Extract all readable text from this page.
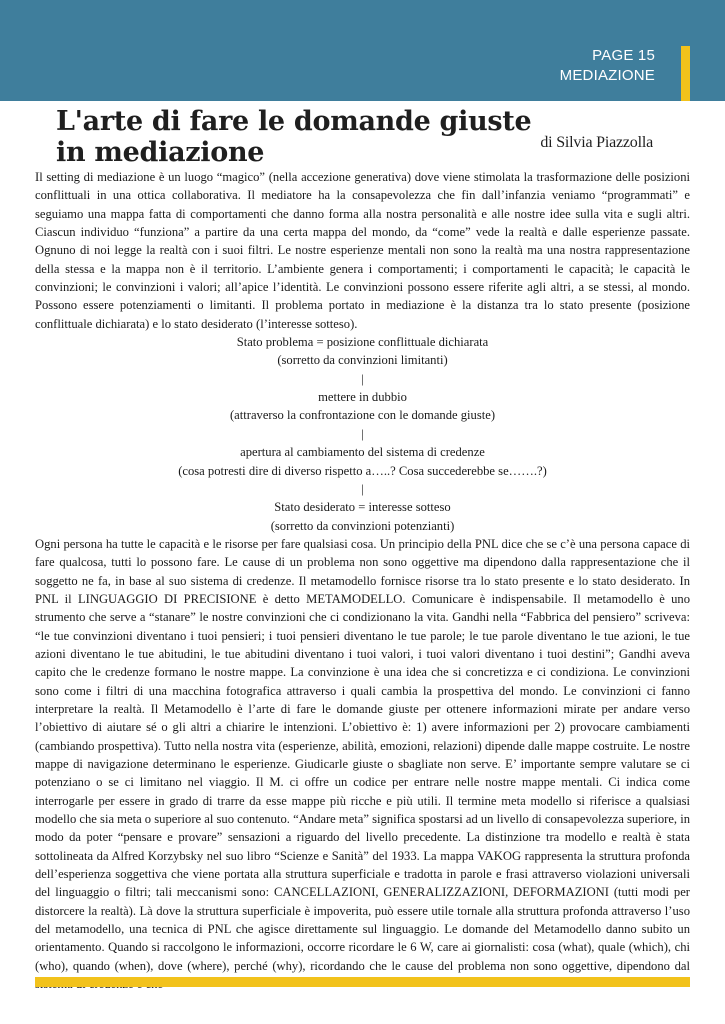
PAGE 15
MEDIAZIONE
L'arte di fare le domande giuste
in mediazione	di Silvia Piazzolla

Il setting di mediazione è un luogo “magico” (nella accezione generativa) dove viene stimolata la trasformazione delle posizioni conflittuali in una ottica collaborativa. Il mediatore ha la consapevolezza che fin dall’infanzia veniamo “programmati” e seguiamo una mappa fatta di comportamenti che danno forma alla nostra personalità e alle nostre idee sulla vita e sugli altri. Ciascun individuo “funziona” a partire da una certa mappa del mondo, da “come” vede la realtà e dalle esperienze passate. Ognuno di noi legge la realtà con i suoi filtri. Le nostre esperienze mentali non sono la realtà ma una nostra rappresentazione della stessa e la mappa non è il territorio. L’ambiente genera i comportamenti; i comportamenti le capacità; le capacità le convinzioni; le convinzioni i valori; all’apice l’identità. Le convinzioni possono essere riferite agli altri, a se stessi, al mondo. Possono essere potenziamenti o limitanti. Il problema portato in mediazione è la distanza tra lo stato presente (posizione conflittuale dichiarata) e lo stato desiderato (l’interesse sotteso).

Stato problema = posizione conflittuale dichiarata
(sorretto da convinzioni limitanti)
|
mettere in dubbio
(attraverso la confrontazione con le domande giuste)
|
apertura al cambiamento del sistema di credenze
(cosa potresti dire di diverso rispetto a…..? Cosa succederebbe se…….?)
|
Stato desiderato = interesse sotteso
(sorretto da convinzioni potenzianti)

Ogni persona ha tutte le capacità e le risorse per fare qualsiasi cosa. Un principio della PNL dice che se c’è una persona capace di fare qualcosa, tutti lo possono fare. Le cause di un problema non sono oggettive ma dipendono dalla rappresentazione che il soggetto ne fa, in base al suo sistema di credenze. Il metamodello fornisce risorse tra lo stato presente e lo stato desiderato. In PNL il LINGUAGGIO DI PRECISIONE è detto METAMODELLO. Comunicare è indispensabile. Il metamodello è uno strumento che serve a “stanare” le nostre convinzioni che ci condizionano la vita. Gandhi nella “Fabbrica del pensiero” scriveva: “le tue convinzioni diventano i tuoi pensieri; i tuoi pensieri diventano le tue parole; le tue parole diventano le tue azioni, le tue azioni diventano le tue abitudini, le tue abitudini diventano i tuoi valori, i tuoi valori diventano i tuoi destini”; Gandhi aveva capito che le credenze formano le nostre mappe. La convinzione è una idea che si concretizza e ci condiziona. Le convinzioni sono come i filtri di una macchina fotografica attraverso i quali cambia la prospettiva del mondo. Le convinzioni ci fanno interpretare la realtà. Il Metamodello è l’arte di fare le domande giuste per ottenere informazioni mirate per andare verso l’obiettivo di aiutare sé o gli altri a chiarire le intenzioni. L’obiettivo è: 1) avere informazioni per 2) provocare cambiamenti (cambiando prospettiva). Tutto nella nostra vita (esperienze, abilità, emozioni, relazioni) dipende dalle mappe costruite. Le nostre mappe di navigazione determinano le esperienze. Giudicarle giuste o sbagliate non serve. E’ importante sempre valutare se ci potenziano o se ci limitano nel viaggio. Il M. ci offre un codice per entrare nelle nostre mappe mentali. Ci indica come interrogarle per essere in grado di trarre da esse mappe più ricche e più utili. Il termine meta modello si riferisce a qualsiasi modello che sia meta o superiore al suo contenuto. “Andare meta” significa spostarsi ad un livello di consapevolezza superiore, in modo da poter “pensare e provare” sensazioni a riguardo del livello precedente. La distinzione tra modello e realtà è stata sottolineata da Alfred Korzybsky nel suo libro “Scienze e Sanità” del 1933. La mappa VAKOG rappresenta la struttura profonda dell’esperienza soggettiva che viene portata alla struttura superficiale e tradotta in parole e frasi attraverso violazioni universali del linguaggio o filtri; tali meccanismi sono: CANCELLAZIONI, GENERALIZZAZIONI, DEFORMAZIONI (tutti modi per distorcere la realtà). Là dove la struttura superficiale è impoverita, può essere utile tornale alla struttura profonda attraverso l’uso del metamodello, una tecnica di PNL che agisce direttamente sul linguaggio. Le domande del Metamodello danno subito un orientamento. Quando si raccolgono le informazioni, occorre ricordare le 6 W, care ai giornalisti: cosa (what), quale (which), chi (who), quando (when), dove (where), perché (why), ricordando che le cause del problema non sono oggettive, dipendono dal
